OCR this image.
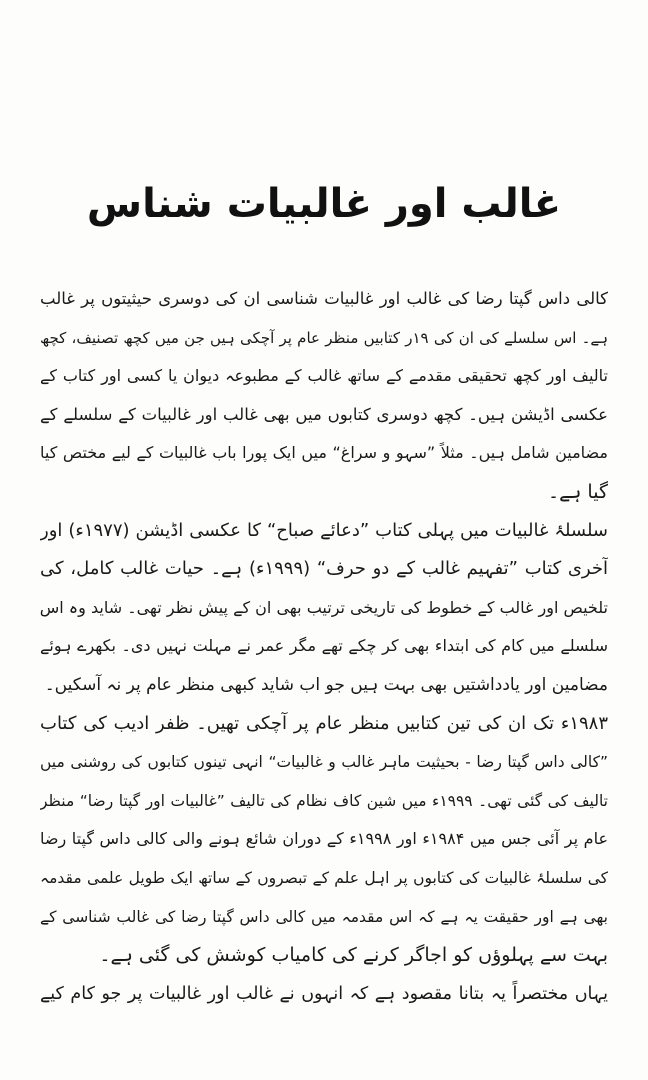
غالب اور غالبیات شناس
کالی داس گپتا رضا کی غالب اور غالبیات شناسی ان کی دوسری حیثیتوں پر غالب
ہے۔ اس سلسلے کی ان کی ۱۹ر کتابیں منظر عام پر آچکی ہیں جن میں کچھ تصنیف، کچھ
تالیف اور کچھ تحقیقی مقدمے کے ساتھ غالب کے مطبوعہ دیوان یا کسی اور کتاب کے
عکسی اڈیشن ہیں۔ کچھ دوسری کتابوں میں بھی غالب اور غالبیات کے سلسلے کے
مضامین شامل ہیں۔ مثلاً ”سہو و سراغ“ میں ایک پورا باب غالبیات کے لیے مختص کیا
گیا ہے۔
سلسلۂ غالبیات میں پہلی کتاب ”دعائے صباح“ کا عکسی اڈیشن (۱۹۷۷ء) اور
آخری کتاب ”تفہیم غالب کے دو حرف“ (۱۹۹۹ء) ہے۔ حیات غالب کامل، کی
تلخیص اور غالب کے خطوط کی تاریخی ترتیب بھی ان کے پیش نظر تھی۔ شاید وہ اس
سلسلے میں کام کی ابتداء بھی کر چکے تھے مگر عمر نے مہلت نہیں دی۔ بکھرے ہوئے
مضامین اور یادداشتیں بھی بہت ہیں جو اب شاید کبھی منظر عام پر نہ آسکیں۔
۱۹۸۳ء تک ان کی تین کتابیں منظر عام پر آچکی تھیں۔ ظفر ادیب کی کتاب
”کالی داس گپتا رضا - بحیثیت ماہر غالب و غالبیات“ انہی تینوں کتابوں کی روشنی میں
تالیف کی گئی تھی۔ ۱۹۹۹ء میں شین کاف نظام کی تالیف ”غالبیات اور گپتا رضا“ منظر
عام پر آئی جس میں ۱۹۸۴ء اور ۱۹۹۸ء کے دوران شائع ہونے والی کالی داس گپتا رضا
کی سلسلۂ غالبیات کی کتابوں پر اہل علم کے تبصروں کے ساتھ ایک طویل علمی مقدمہ
بھی ہے اور حقیقت یہ ہے کہ اس مقدمہ میں کالی داس گپتا رضا کی غالب شناسی کے
بہت سے پہلوؤں کو اجاگر کرنے کی کامیاب کوشش کی گئی ہے۔
یہاں مختصراً یہ بتانا مقصود ہے کہ انہوں نے غالب اور غالبیات پر جو کام کیے
